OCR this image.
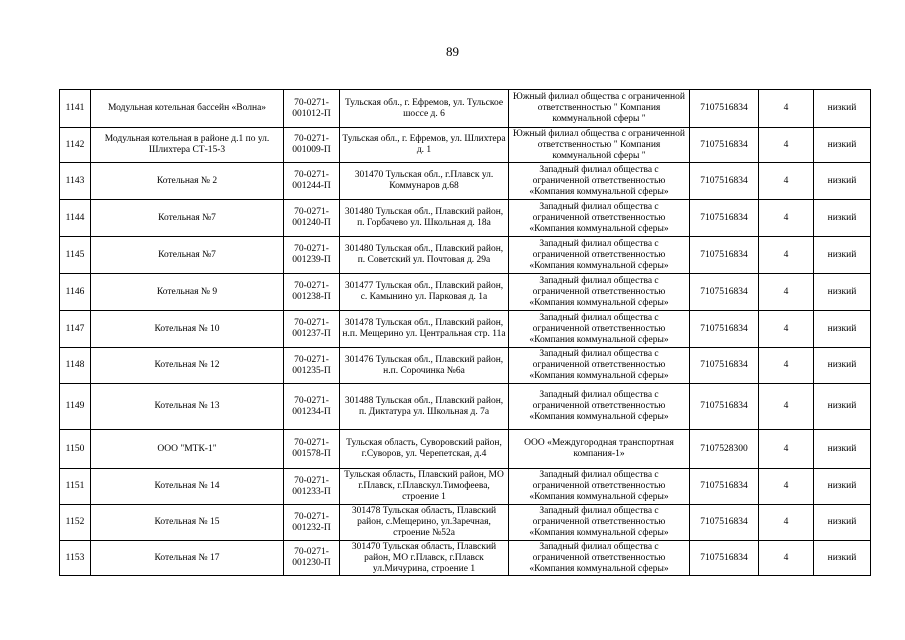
89
1141	Модульная котельная бассейн «Волна»	70-0271-001012-П	Тульская обл., г. Ефремов, ул. Тульское шоссе д. 6	Южный филиал общества с ограниченной ответственностью " Компания коммунальной сферы "	7107516834	4	низкий
1142	Модульная котельная в районе д.1 по ул. Шлихтера СТ-15-3	70-0271-001009-П	Тульская обл., г. Ефремов, ул. Шлихтера д. 1	Южный филиал общества с ограниченной ответственностью " Компания коммунальной сферы "	7107516834	4	низкий
1143	Котельная № 2	70-0271-001244-П	301470 Тульская обл., г.Плавск ул. Коммунаров д.68	Западный филиал общества с ограниченной ответственностью «Компания коммунальной сферы»	7107516834	4	низкий
1144	Котельная №7	70-0271-001240-П	301480 Тульская обл., Плавский район, п. Горбачево ул. Школьная д. 18а	Западный филиал общества с ограниченной ответственностью «Компания коммунальной сферы»	7107516834	4	низкий
1145	Котельная №7	70-0271-001239-П	301480 Тульская обл., Плавский район, п. Советский ул. Почтовая д. 29а	Западный филиал общества с ограниченной ответственностью «Компания коммунальной сферы»	7107516834	4	низкий
1146	Котельная № 9	70-0271-001238-П	301477 Тульская обл., Плавский район, с. Камынино ул. Парковая д. 1а	Западный филиал общества с ограниченной ответственностью «Компания коммунальной сферы»	7107516834	4	низкий
1147	Котельная № 10	70-0271-001237-П	301478 Тульская обл., Плавский район, н.п. Мещерино ул. Центральная стр. 11а	Западный филиал общества с ограниченной ответственностью «Компания коммунальной сферы»	7107516834	4	низкий
1148	Котельная № 12	70-0271-001235-П	301476 Тульская обл., Плавский район, н.п. Сорочинка №6а	Западный филиал общества с ограниченной ответственностью «Компания коммунальной сферы»	7107516834	4	низкий
1149	Котельная № 13	70-0271-001234-П	301488 Тульская обл., Плавский район, п. Диктатура ул. Школьная д. 7а	Западный филиал общества с ограниченной ответственностью «Компания коммунальной сферы»	7107516834	4	низкий
1150	ООО "МТК-1"	70-0271-001578-П	Тульская область, Суворовский район, г.Суворов, ул. Черепетская, д.4	ООО «Междугородная транспортная компания-1»	7107528300	4	низкий
1151	Котельная № 14	70-0271-001233-П	Тульская область, Плавский район, МО г.Плавск, г.Плавскул.Тимофеева, строение 1	Западный филиал общества с ограниченной ответственностью «Компания коммунальной сферы»	7107516834	4	низкий
1152	Котельная № 15	70-0271-001232-П	301478 Тульская область, Плавский район, с.Мещерино, ул.Заречная, строение №52а	Западный филиал общества с ограниченной ответственностью «Компания коммунальной сферы»	7107516834	4	низкий
1153	Котельная № 17	70-0271-001230-П	301470 Тульская область, Плавский район, МО г.Плавск, г.Плавск ул.Мичурина, строение 1	Западный филиал общества с ограниченной ответственностью «Компания коммунальной сферы»	7107516834	4	низкий
